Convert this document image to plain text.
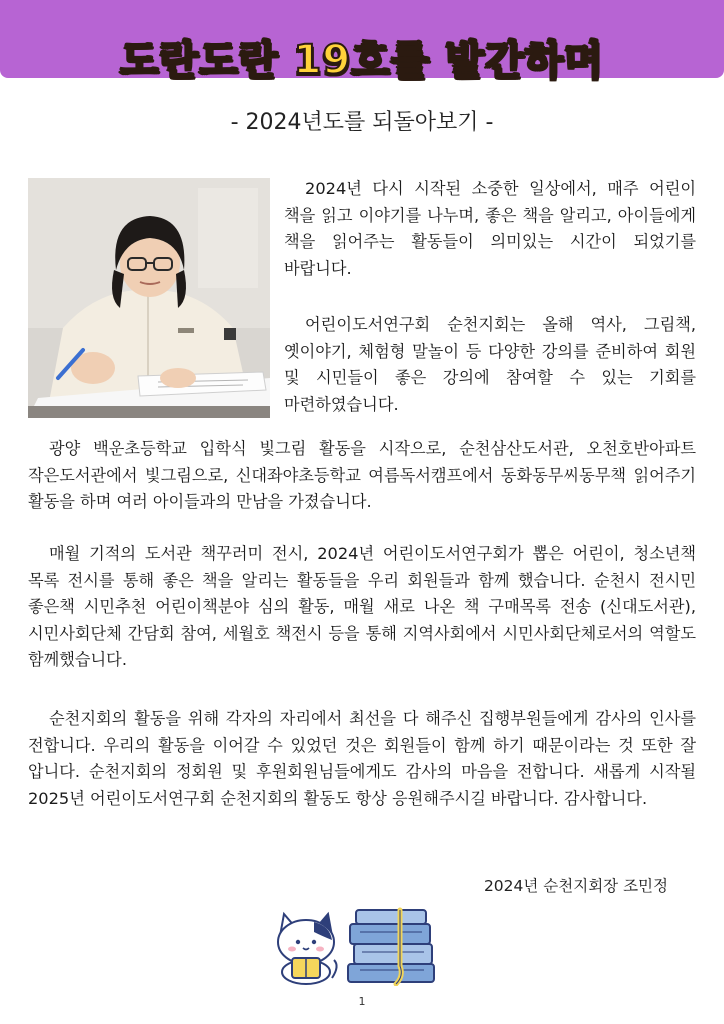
도란도란 19호를 발간하며
- 2024년도를 되돌아보기 -

2024년 다시 시작된 소중한 일상에서, 매주 어린이 책을 읽고 이야기를 나누며, 좋은 책을 알리고, 아이들에게 책을 읽어주는 활동들이 의미있는 시간이 되었기를 바랍니다.

어린이도서연구회 순천지회는 올해 역사, 그림책, 옛이야기, 체험형 말놀이 등 다양한 강의를 준비하여 회원 및 시민들이 좋은 강의에 참여할 수 있는 기회를 마련하였습니다.

광양 백운초등학교 입학식 빛그림 활동을 시작으로, 순천삼산도서관, 오천호반아파트 작은도서관에서 빛그림으로, 신대좌야초등학교 여름독서캠프에서 동화동무씨동무책 읽어주기 활동을 하며 여러 아이들과의 만남을 가졌습니다.

매월 기적의 도서관 책꾸러미 전시, 2024년 어린이도서연구회가 뽑은 어린이, 청소년책 목록 전시를 통해 좋은 책을 알리는 활동들을 우리 회원들과 함께 했습니다. 순천시 전시민 좋은책 시민추천 어린이책분야 심의 활동, 매월 새로 나온 책 구매목록 전송 (신대도서관), 시민사회단체 간담회 참여, 세월호 책전시 등을 통해 지역사회에서 시민사회단체로서의 역할도 함께했습니다.

순천지회의 활동을 위해 각자의 자리에서 최선을 다 해주신 집행부원들에게 감사의 인사를 전합니다. 우리의 활동을 이어갈 수 있었던 것은 회원들이 함께 하기 때문이라는 것 또한 잘 압니다. 순천지회의 정회원 및 후원회원님들에게도 감사의 마음을 전합니다. 새롭게 시작될 2025년 어린이도서연구회 순천지회의 활동도 항상 응원해주시길 바랍니다. 감사합니다.

2024년 순천지회장 조민정
1
